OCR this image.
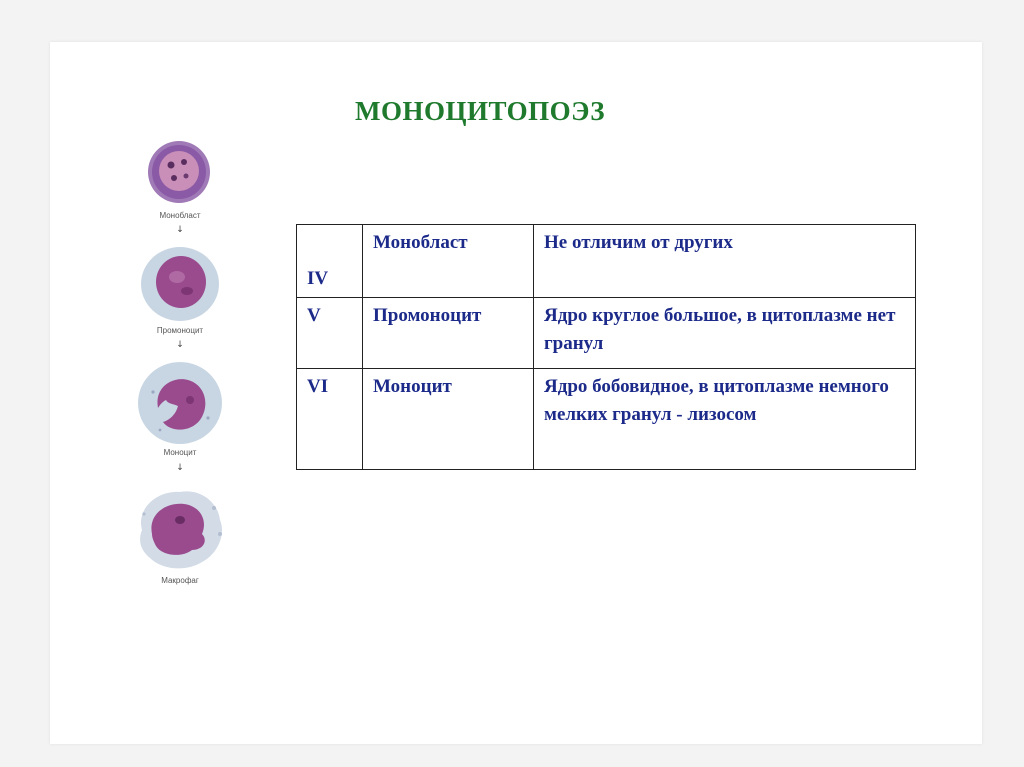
МОНОЦИТОПОЭЗ
Монобласт
↓
Промоноцит
↓
Моноцит
↓
Макрофаг
IV	Монобласт	Не отличим от других
V	Промоноцит	Ядро круглое большое, в цитоплазме нет гранул
VI	Моноцит	Ядро бобовидное, в цитоплазме немного мелких гранул - лизосом
